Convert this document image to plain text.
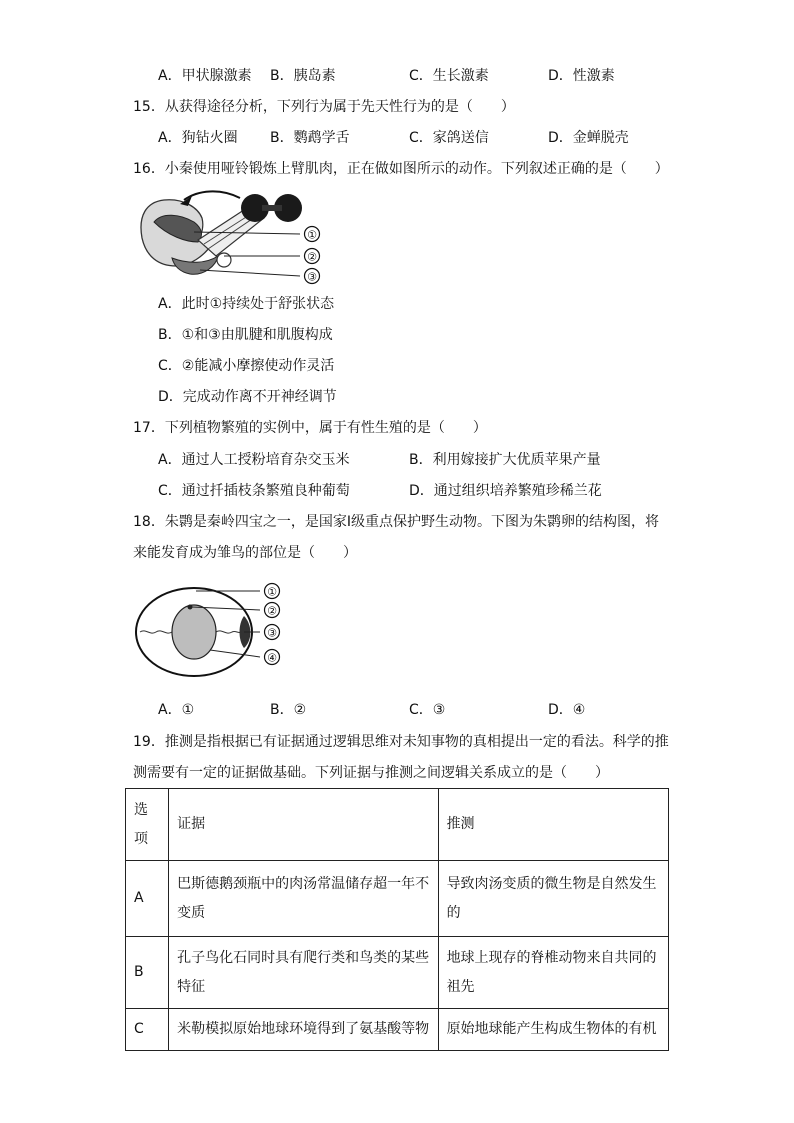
A．甲状腺激素 B．胰岛素	C．生长激素	D．性激素
15．从获得途径分析，下列行为属于先天性行为的是（　　）
A．狗钻火圈 B．鹦鹉学舌	C．家鸽送信	D．金蝉脱壳
16．小秦使用哑铃锻炼上臂肌肉，正在做如图所示的动作。下列叙述正确的是（　　）
①
②
③
A．此时①持续处于舒张状态
B．①和③由肌腱和肌腹构成
C．②能减小摩擦使动作灵活
D．完成动作离不开神经调节
17．下列植物繁殖的实例中，属于有性生殖的是（　　）
A．通过人工授粉培育杂交玉米	B．利用嫁接扩大优质苹果产量
C．通过扦插枝条繁殖良种葡萄	D．通过组织培养繁殖珍稀兰花
18．朱鹮是秦岭四宝之一，是国家Ⅰ级重点保护野生动物。下图为朱鹮卵的结构图，将
来能发育成为雏鸟的部位是（　　）
①
②
③
④
A．①	B．②	C．③	D．④
19．推测是指根据已有证据通过逻辑思维对未知事物的真相提出一定的看法。科学的推
测需要有一定的证据做基础。下列证据与推测之间逻辑关系成立的是（　　）
选项	证据	推测
A	巴斯德鹅颈瓶中的肉汤常温储存超一年不变质	导致肉汤变质的微生物是自然发生的
B	孔子鸟化石同时具有爬行类和鸟类的某些特征	地球上现存的脊椎动物来自共同的祖先
C	米勒模拟原始地球环境得到了氨基酸等物	原始地球能产生构成生物体的有机
